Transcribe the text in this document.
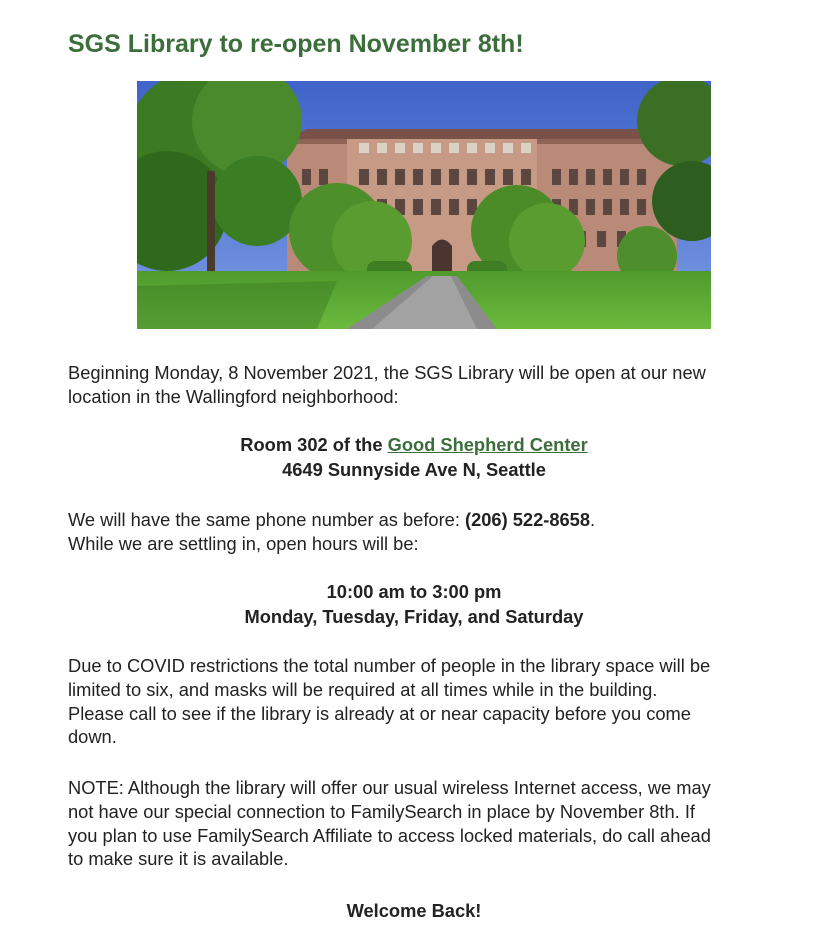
SGS Library to re-open November 8th!

Beginning Monday, 8 November 2021, the SGS Library will be open at our new
location in the Wallingford neighborhood:

Room 302 of the Good Shepherd Center
4649 Sunnyside Ave N, Seattle

We will have the same phone number as before: (206) 522-8658.
While we are settling in, open hours will be:

10:00 am to 3:00 pm
Monday, Tuesday, Friday, and Saturday

Due to COVID restrictions the total number of people in the library space will be
limited to six, and masks will be required at all times while in the building.
Please call to see if the library is already at or near capacity before you come
down.

NOTE: Although the library will offer our usual wireless Internet access, we may
not have our special connection to FamilySearch in place by November 8th. If
you plan to use FamilySearch Affiliate to access locked materials, do call ahead
to make sure it is available.

Welcome Back!
